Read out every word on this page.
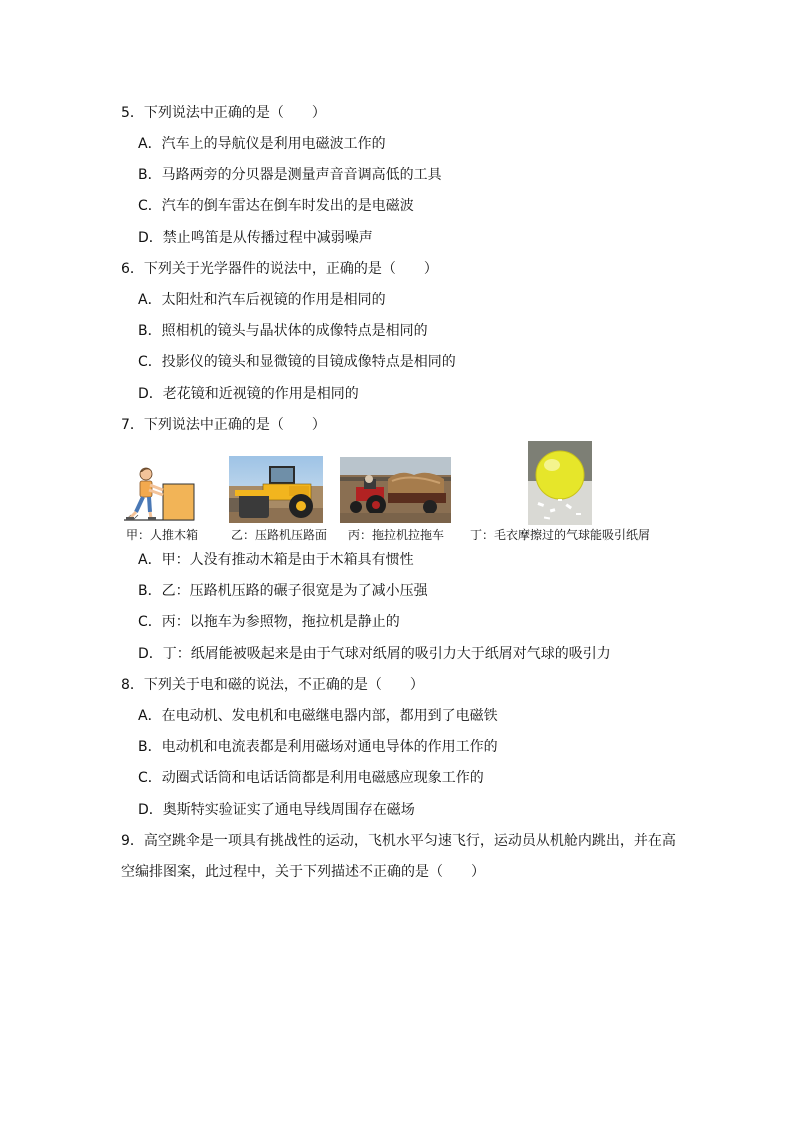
5．下列说法中正确的是（　　）
A．汽车上的导航仪是利用电磁波工作的
B．马路两旁的分贝器是测量声音音调高低的工具
C．汽车的倒车雷达在倒车时发出的是电磁波
D．禁止鸣笛是从传播过程中减弱噪声
6．下列关于光学器件的说法中，正确的是（　　）
A．太阳灶和汽车后视镜的作用是相同的
B．照相机的镜头与晶状体的成像特点是相同的
C．投影仪的镜头和显微镜的目镜成像特点是相同的
D．老花镜和近视镜的作用是相同的
7．下列说法中正确的是（　　）
甲：人推木箱	乙：压路机压路面 丙：拖拉机拉拖车 丁：毛衣摩擦过的气球能吸引纸屑
A．甲：人没有推动木箱是由于木箱具有惯性
B．乙：压路机压路的碾子很宽是为了减小压强
C．丙：以拖车为参照物，拖拉机是静止的
D．丁：纸屑能被吸起来是由于气球对纸屑的吸引力大于纸屑对气球的吸引力
8．下列关于电和磁的说法，不正确的是（　　）
A．在电动机、发电机和电磁继电器内部，都用到了电磁铁
B．电动机和电流表都是利用磁场对通电导体的作用工作的
C．动圈式话筒和电话话筒都是利用电磁感应现象工作的
D．奥斯特实验证实了通电导线周围存在磁场
9．高空跳伞是一项具有挑战性的运动，飞机水平匀速飞行，运动员从机舱内跳出，并在高
空编排图案，此过程中，关于下列描述不正确的是（　　）
